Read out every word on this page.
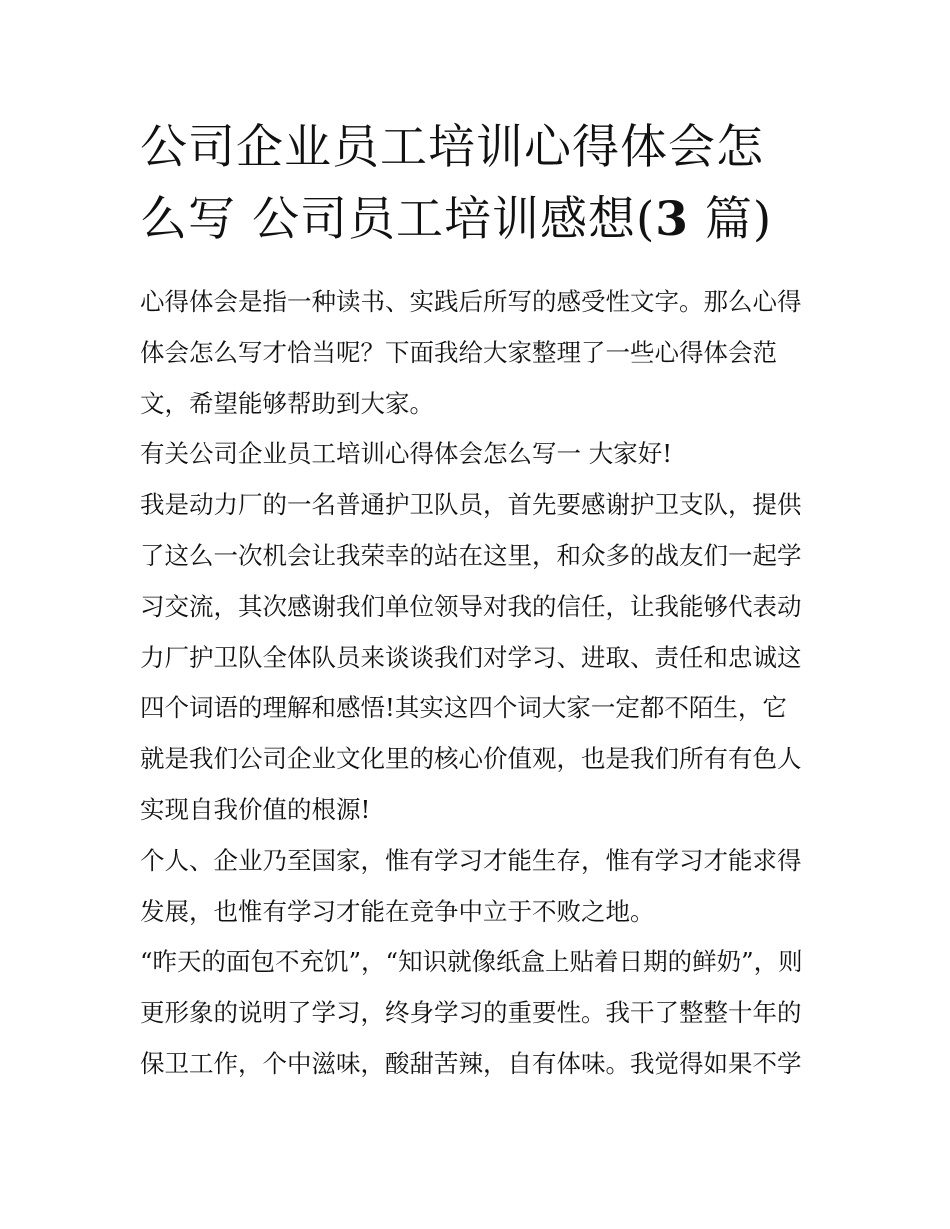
公司企业员工培训心得体会怎
么写 公司员工培训感想(3 篇)
心得体会是指一种读书、实践后所写的感受性文字。那么心得
体会怎么写才恰当呢？下面我给大家整理了一些心得体会范
文，希望能够帮助到大家。
有关公司企业员工培训心得体会怎么写一 大家好!
我是动力厂的一名普通护卫队员，首先要感谢护卫支队，提供
了这么一次机会让我荣幸的站在这里，和众多的战友们一起学
习交流，其次感谢我们单位领导对我的信任，让我能够代表动
力厂护卫队全体队员来谈谈我们对学习、进取、责任和忠诚这
四个词语的理解和感悟!其实这四个词大家一定都不陌生，它
就是我们公司企业文化里的核心价值观，也是我们所有有色人
实现自我价值的根源!
个人、企业乃至国家，惟有学习才能生存，惟有学习才能求得
发展，也惟有学习才能在竞争中立于不败之地。
“昨天的面包不充饥”，“知识就像纸盒上贴着日期的鲜奶”，则
更形象的说明了学习，终身学习的重要性。我干了整整十年的
保卫工作，个中滋味，酸甜苦辣，自有体味。我觉得如果不学
